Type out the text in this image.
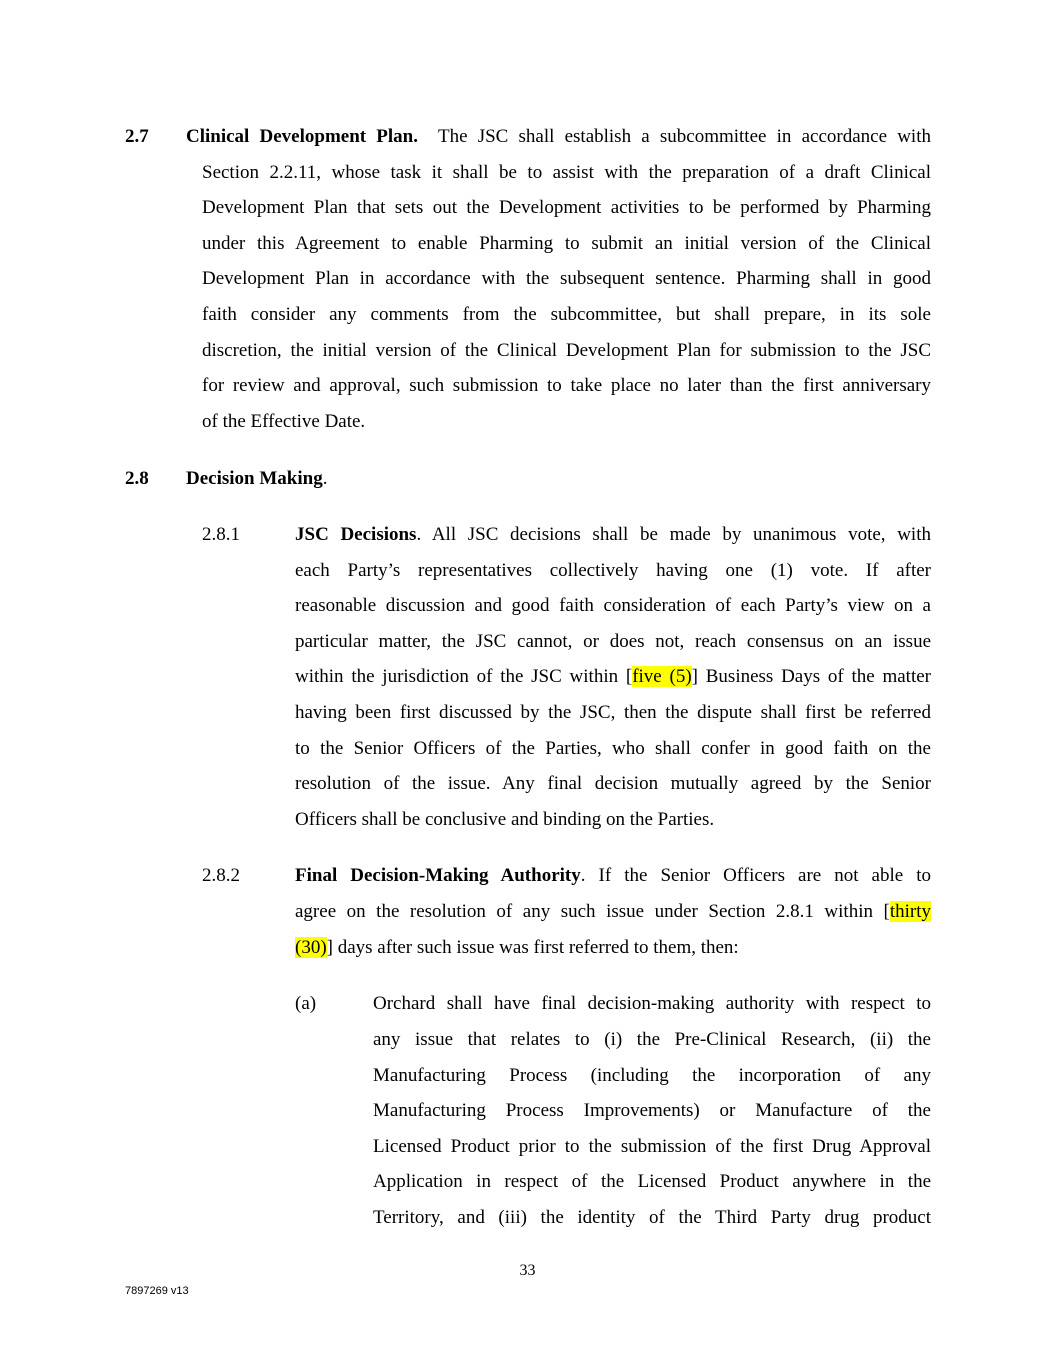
2.7 Clinical Development Plan. The JSC shall establish a subcommittee in accordance with
Section 2.2.11, whose task it shall be to assist with the preparation of a draft Clinical
Development Plan that sets out the Development activities to be performed by Pharming
under this Agreement to enable Pharming to submit an initial version of the Clinical
Development Plan in accordance with the subsequent sentence. Pharming shall in good
faith consider any comments from the subcommittee, but shall prepare, in its sole
discretion, the initial version of the Clinical Development Plan for submission to the JSC
for review and approval, such submission to take place no later than the first anniversary
of the Effective Date.
2.8 Decision Making.
2.8.1	JSC Decisions. All JSC decisions shall be made by unanimous vote, with
each Party’s representatives collectively having one (1) vote. If after
reasonable discussion and good faith consideration of each Party’s view on a
particular matter, the JSC cannot, or does not, reach consensus on an issue
within the jurisdiction of the JSC within [five (5)] Business Days of the matter
having been first discussed by the JSC, then the dispute shall first be referred
to the Senior Officers of the Parties, who shall confer in good faith on the
resolution of the issue. Any final decision mutually agreed by the Senior
Officers shall be conclusive and binding on the Parties.
2.8.2	Final Decision-Making Authority. If the Senior Officers are not able to
agree on the resolution of any such issue under Section 2.8.1 within [thirty
(30)] days after such issue was first referred to them, then:
(a)	Orchard shall have final decision-making authority with respect to
any issue that relates to (i) the Pre-Clinical Research, (ii) the
Manufacturing Process (including the incorporation of any
Manufacturing Process Improvements) or Manufacture of the
Licensed Product prior to the submission of the first Drug Approval
Application in respect of the Licensed Product anywhere in the
Territory, and (iii) the identity of the Third Party drug product
33
7897269 v13
